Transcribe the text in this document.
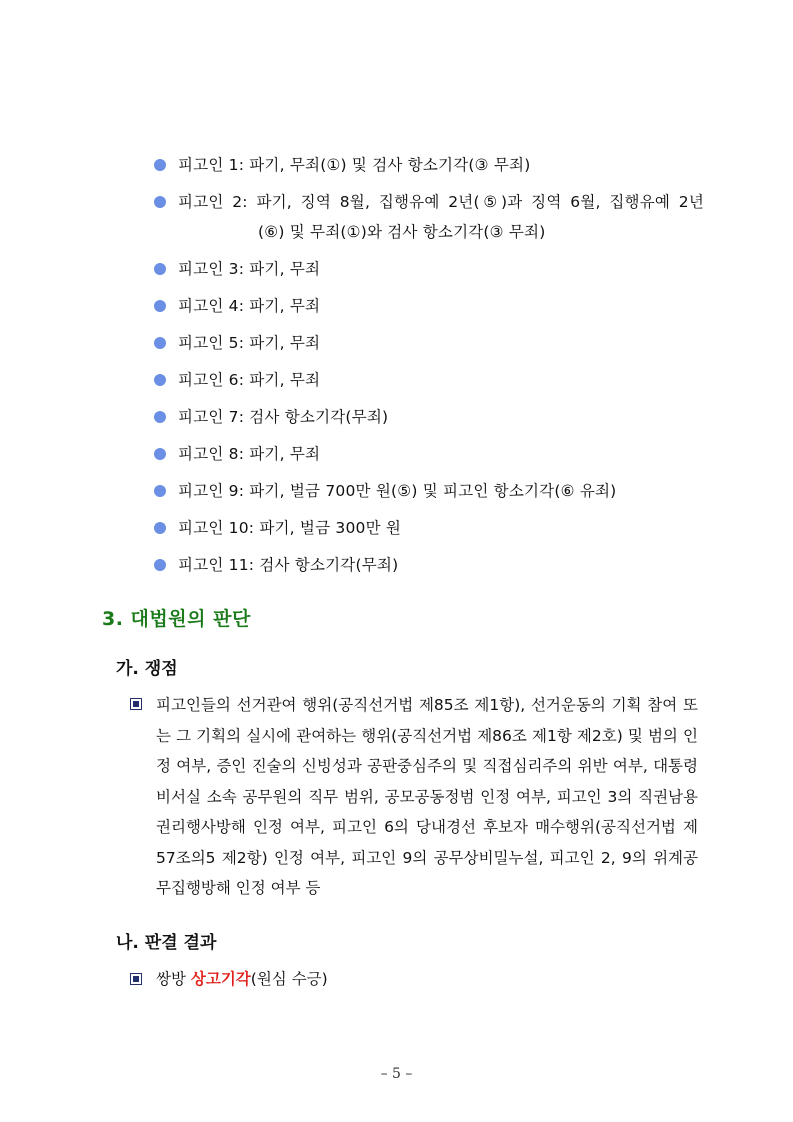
피고인 1: 파기, 무죄(①) 및 검사 항소기각(③ 무죄)
피고인 2: 파기, 징역 8월, 집행유예 2년(⑤)과 징역 6월, 집행유예 2년
(⑥) 및 무죄(①)와 검사 항소기각(③ 무죄)
피고인 3: 파기, 무죄
피고인 4: 파기, 무죄
피고인 5: 파기, 무죄
피고인 6: 파기, 무죄
피고인 7: 검사 항소기각(무죄)
피고인 8: 파기, 무죄
피고인 9: 파기, 벌금 700만 원(⑤) 및 피고인 항소기각(⑥ 유죄)
피고인 10: 파기, 벌금 300만 원
피고인 11: 검사 항소기각(무죄)
3. 대법원의 판단
가. 쟁점
피고인들의 선거관여 행위(공직선거법 제85조 제1항), 선거운동의 기획 참여 또는 그 기획의 실시에 관여하는 행위(공직선거법 제86조 제1항 제2호) 및 범의 인정 여부, 증인 진술의 신빙성과 공판중심주의 및 직접심리주의 위반 여부, 대통령비서실 소속 공무원의 직무 범위, 공모공동정범 인정 여부, 피고인 3의 직권남용권리행사방해 인정 여부, 피고인 6의 당내경선 후보자 매수행위(공직선거법 제57조의5 제2항) 인정 여부, 피고인 9의 공무상비밀누설, 피고인 2, 9의 위계공무집행방해 인정 여부 등
나. 판결 결과
쌍방 상고기각(원심 수긍)
– 5 –
